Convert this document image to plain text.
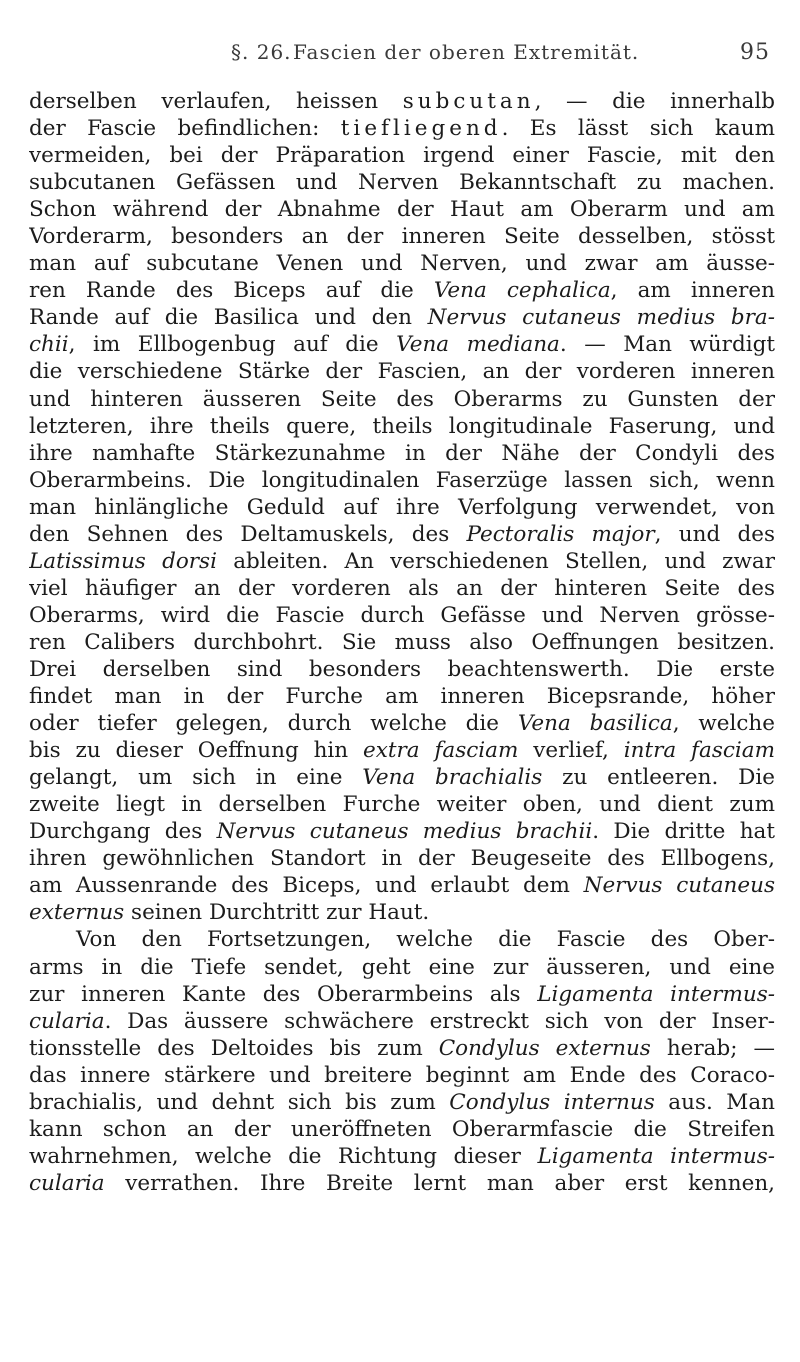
§. 26. Fascien der oberen Extremität.	95
derselben verlaufen, heissen subcutan, — die innerhalb
der Fascie befindlichen: tiefliegend. Es lässt sich kaum
vermeiden, bei der Präparation irgend einer Fascie, mit den
subcutanen Gefässen und Nerven Bekanntschaft zu machen.
Schon während der Abnahme der Haut am Oberarm und am
Vorderarm, besonders an der inneren Seite desselben, stösst
man auf subcutane Venen und Nerven, und zwar am äusse-
ren Rande des Biceps auf die Vena cephalica, am inneren
Rande auf die Basilica und den Nervus cutaneus medius bra-
chii, im Ellbogenbug auf die Vena mediana. — Man würdigt
die verschiedene Stärke der Fascien, an der vorderen inneren
und hinteren äusseren Seite des Oberarms zu Gunsten der
letzteren, ihre theils quere, theils longitudinale Faserung, und
ihre namhafte Stärkezunahme in der Nähe der Condyli des
Oberarmbeins. Die longitudinalen Faserzüge lassen sich, wenn
man hinlängliche Geduld auf ihre Verfolgung verwendet, von
den Sehnen des Deltamuskels, des Pectoralis major, und des
Latissimus dorsi ableiten. An verschiedenen Stellen, und zwar
viel häufiger an der vorderen als an der hinteren Seite des
Oberarms, wird die Fascie durch Gefässe und Nerven grösse-
ren Calibers durchbohrt. Sie muss also Oeffnungen besitzen.
Drei derselben sind besonders beachtenswerth. Die erste
findet man in der Furche am inneren Bicepsrande, höher
oder tiefer gelegen, durch welche die Vena basilica, welche
bis zu dieser Oeffnung hin extra fasciam verlief, intra fasciam
gelangt, um sich in eine Vena brachialis zu entleeren. Die
zweite liegt in derselben Furche weiter oben, und dient zum
Durchgang des Nervus cutaneus medius brachii. Die dritte hat
ihren gewöhnlichen Standort in der Beugeseite des Ellbogens,
am Aussenrande des Biceps, und erlaubt dem Nervus cutaneus
externus seinen Durchtritt zur Haut.
Von den Fortsetzungen, welche die Fascie des Ober-
arms in die Tiefe sendet, geht eine zur äusseren, und eine
zur inneren Kante des Oberarmbeins als Ligamenta intermus-
cularia. Das äussere schwächere erstreckt sich von der Inser-
tionsstelle des Deltoides bis zum Condylus externus herab; —
das innere stärkere und breitere beginnt am Ende des Coraco-
brachialis, und dehnt sich bis zum Condylus internus aus. Man
kann schon an der uneröffneten Oberarmfascie die Streifen
wahrnehmen, welche die Richtung dieser Ligamenta intermus-
cularia verrathen. Ihre Breite lernt man aber erst kennen,
